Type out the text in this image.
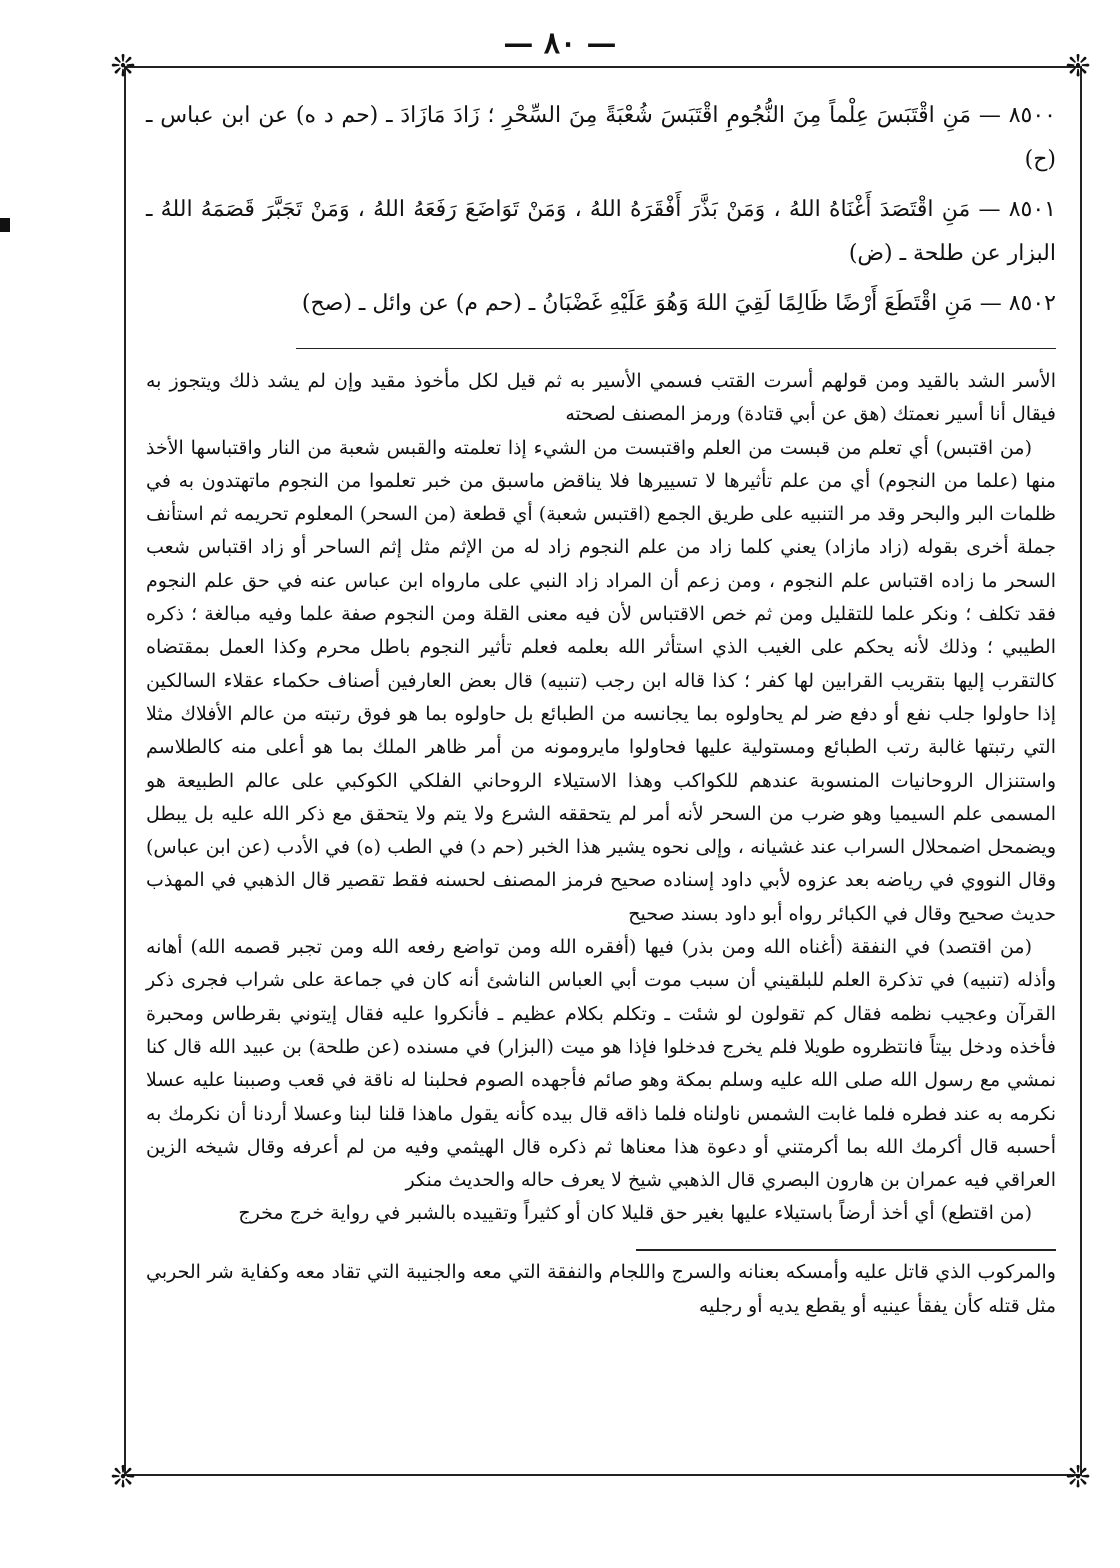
— ٨٠ —
❊	❊
❊	❊

٨٥٠٠ — مَنِ اقْتَبَسَ عِلْماً مِنَ النُّجُومِ اقْتَبَسَ شُعْبَةً مِنَ السِّحْرِ ؛ زَادَ مَازَادَ ـ (حم د ه) عن ابن عباس ـ (ح)

٨٥٠١ — مَنِ اقْتَصَدَ أَغْنَاهُ اللهُ ، وَمَنْ بَذَّرَ أَفْقَرَهُ اللهُ ، وَمَنْ تَوَاضَعَ رَفَعَهُ اللهُ ، وَمَنْ تَجَبَّرَ قَصَمَهُ اللهُ ـ البزار عن طلحة ـ (ض)

٨٥٠٢ — مَنِ اقْتَطَعَ أَرْضًا ظَالِمًا لَقِيَ اللهَ وَهُوَ عَلَيْهِ غَضْبَانُ ـ (حم م) عن وائل ـ (صح)

الأسر الشد بالقيد ومن قولهم أسرت القتب فسمي الأسير به ثم قيل لكل مأخوذ مقيد وإن لم يشد ذلك ويتجوز به فيقال أنا أسير نعمتك (هق عن أبي قتادة) ورمز المصنف لصحته

(من اقتبس) أي تعلم من قبست من العلم واقتبست من الشيء إذا تعلمته والقبس شعبة من النار واقتباسها الأخذ منها (علما من النجوم) أي من علم تأثيرها لا تسييرها فلا يناقض ماسبق من خبر تعلموا من النجوم ماتهتدون به في ظلمات البر والبحر وقد مر التنبيه على طريق الجمع (اقتبس شعبة) أي قطعة (من السحر) المعلوم تحريمه ثم استأنف جملة أخرى بقوله (زاد مازاد) يعني كلما زاد من علم النجوم زاد له من الإثم مثل إثم الساحر أو زاد اقتباس شعب السحر ما زاده اقتباس علم النجوم ، ومن زعم أن المراد زاد النبي على مارواه ابن عباس عنه في حق علم النجوم فقد تكلف ؛ ونكر علما للتقليل ومن ثم خص الاقتباس لأن فيه معنى القلة ومن النجوم صفة علما وفيه مبالغة ؛ ذكره الطيبي ؛ وذلك لأنه يحكم على الغيب الذي استأثر الله بعلمه فعلم تأثير النجوم باطل محرم وكذا العمل بمقتضاه كالتقرب إليها بتقريب القرابين لها كفر ؛ كذا قاله ابن رجب (تنبيه) قال بعض العارفين أصناف حكماء عقلاء السالكين إذا حاولوا جلب نفع أو دفع ضر لم يحاولوه بما يجانسه من الطبائع بل حاولوه بما هو فوق رتبته من عالم الأفلاك مثلا التي رتبتها غالبة رتب الطبائع ومستولية عليها فحاولوا مايرومونه من أمر ظاهر الملك بما هو أعلى منه كالطلاسم واستنزال الروحانيات المنسوبة عندهم للكواكب وهذا الاستيلاء الروحاني الفلكي الكوكبي على عالم الطبيعة هو المسمى علم السيميا وهو ضرب من السحر لأنه أمر لم يتحققه الشرع ولا يتم ولا يتحقق مع ذكر الله عليه بل يبطل ويضمحل اضمحلال السراب عند غشيانه ، وإلى نحوه يشير هذا الخبر (حم د) في الطب (ه) في الأدب (عن ابن عباس) وقال النووي في رياضه بعد عزوه لأبي داود إسناده صحيح فرمز المصنف لحسنه فقط تقصير قال الذهبي في المهذب حديث صحيح وقال في الكبائر رواه أبو داود بسند صحيح

(من اقتصد) في النفقة (أغناه الله ومن بذر) فيها (أفقره الله ومن تواضع رفعه الله ومن تجبر قصمه الله) أهانه وأذله (تنبيه) في تذكرة العلم للبلقيني أن سبب موت أبي العباس الناشئ أنه كان في جماعة على شراب فجرى ذكر القرآن وعجيب نظمه فقال كم تقولون لو شئت ـ وتكلم بكلام عظيم ـ فأنكروا عليه فقال إيتوني بقرطاس ومحبرة فأخذه ودخل بيتاً فانتظروه طويلا فلم يخرج فدخلوا فإذا هو ميت (البزار) في مسنده (عن طلحة) بن عبيد الله قال كنا نمشي مع رسول الله صلى الله عليه وسلم بمكة وهو صائم فأجهده الصوم فحلبنا له ناقة في قعب وصببنا عليه عسلا نكرمه به عند فطره فلما غابت الشمس ناولناه فلما ذاقه قال بيده كأنه يقول ماهذا قلنا لبنا وعسلا أردنا أن نكرمك به أحسبه قال أكرمك الله بما أكرمتني أو دعوة هذا معناها ثم ذكره قال الهيثمي وفيه من لم أعرفه وقال شيخه الزين العراقي فيه عمران بن هارون البصري قال الذهبي شيخ لا يعرف حاله والحديث منكر

(من اقتطع) أي أخذ أرضاً باستيلاء عليها بغير حق قليلا كان أو كثيراً وتقييده بالشبر في رواية خرج مخرج

والمركوب الذي قاتل عليه وأمسكه بعنانه والسرج واللجام والنفقة التي معه والجنيبة التي تقاد معه وكفاية شر الحربي مثل قتله كأن يفقأ عينيه أو يقطع يديه أو رجليه
